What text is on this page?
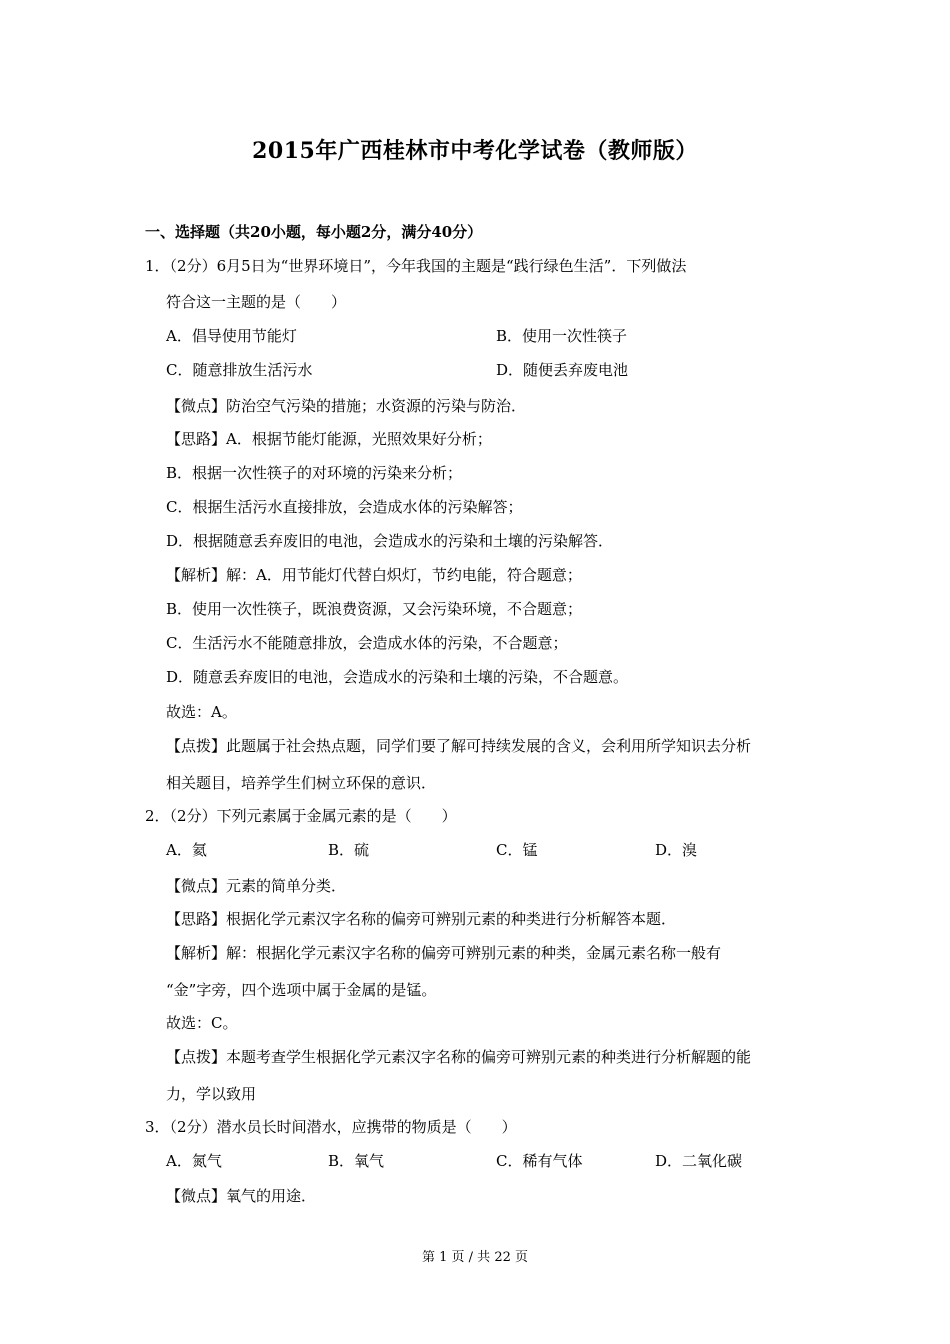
2015年广西桂林市中考化学试卷（教师版）
一、选择题（共20小题，每小题2分，满分40分）
1．（2分）6月5日为“世界环境日”，今年我国的主题是“践行绿色生活”．下列做法
符合这一主题的是（　　）
A．倡导使用节能灯	B．使用一次性筷子
C．随意排放生活污水	D．随便丢弃废电池
【微点】防治空气污染的措施；水资源的污染与防治．
【思路】A．根据节能灯能源，光照效果好分析；
B．根据一次性筷子的对环境的污染来分析；
C．根据生活污水直接排放，会造成水体的污染解答；
D．根据随意丢弃废旧的电池，会造成水的污染和土壤的污染解答．
【解析】解：A．用节能灯代替白炽灯，节约电能，符合题意；
B．使用一次性筷子，既浪费资源，又会污染环境，不合题意；
C．生活污水不能随意排放，会造成水体的污染，不合题意；
D．随意丢弃废旧的电池，会造成水的污染和土壤的污染，不合题意。
故选：A。
【点拨】此题属于社会热点题，同学们要了解可持续发展的含义，会利用所学知识去分析
相关题目，培养学生们树立环保的意识．
2．（2分）下列元素属于金属元素的是（　　）
A．氦	B．硫	C．锰	D．溴
【微点】元素的简单分类．
【思路】根据化学元素汉字名称的偏旁可辨别元素的种类进行分析解答本题．
【解析】解：根据化学元素汉字名称的偏旁可辨别元素的种类，金属元素名称一般有
“金”字旁，四个选项中属于金属的是锰。
故选：C。
【点拨】本题考查学生根据化学元素汉字名称的偏旁可辨别元素的种类进行分析解题的能
力，学以致用
3．（2分）潜水员长时间潜水，应携带的物质是（　　）
A．氮气	B．氧气	C．稀有气体	D．二氧化碳
【微点】氧气的用途．
第 1 页 / 共 22 页
